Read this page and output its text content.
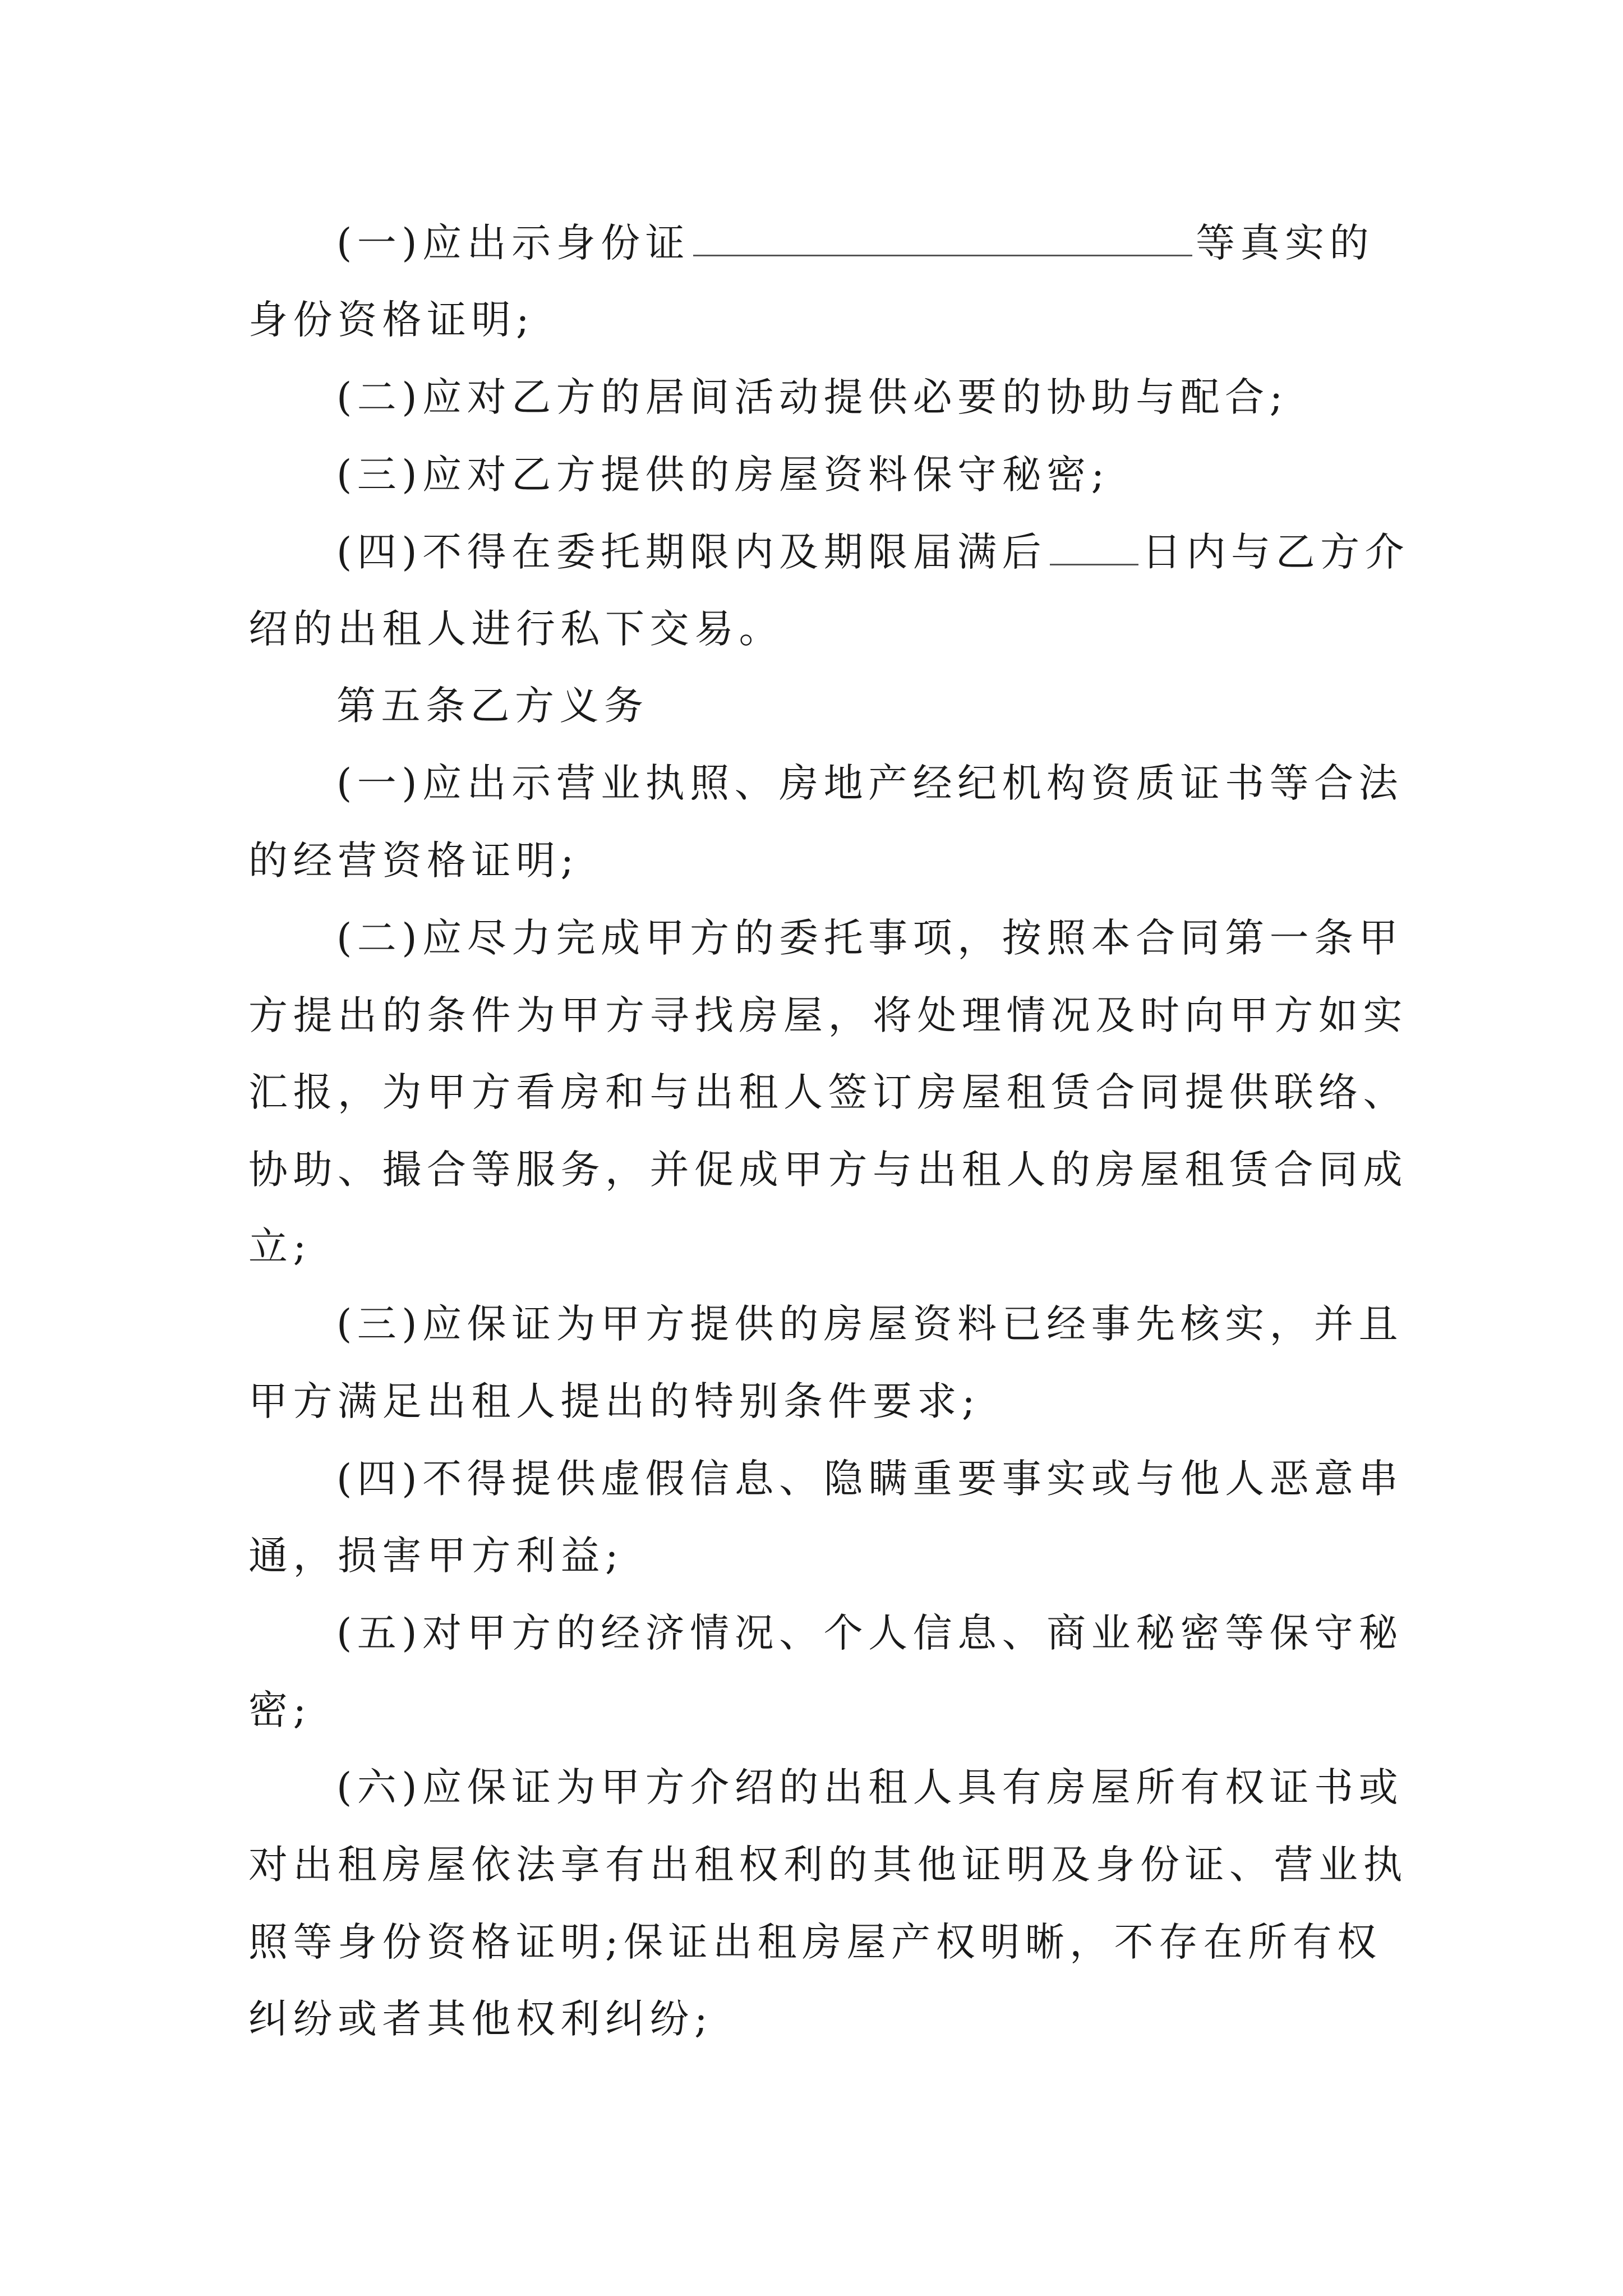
(一)应出示身份证	等真实的
身份资格证明;
(二)应对乙方的居间活动提供必要的协助与配合;
(三)应对乙方提供的房屋资料保守秘密;
(四)不得在委托期限内及期限届满后 日内与乙方介
绍的出租人进行私下交易。
第五条乙方义务
(一)应出示营业执照、房地产经纪机构资质证书等合法
的经营资格证明;
(二)应尽力完成甲方的委托事项，按照本合同第一条甲
方提出的条件为甲方寻找房屋，将处理情况及时向甲方如实
汇报，为甲方看房和与出租人签订房屋租赁合同提供联络、
协助、撮合等服务，并促成甲方与出租人的房屋租赁合同成
立;
(三)应保证为甲方提供的房屋资料已经事先核实，并且
甲方满足出租人提出的特别条件要求;
(四)不得提供虚假信息、隐瞒重要事实或与他人恶意串
通，损害甲方利益;
(五)对甲方的经济情况、个人信息、商业秘密等保守秘
密;
(六)应保证为甲方介绍的出租人具有房屋所有权证书或
对出租房屋依法享有出租权利的其他证明及身份证、营业执
照等身份资格证明;保证出租房屋产权明晰，不存在所有权
纠纷或者其他权利纠纷;
